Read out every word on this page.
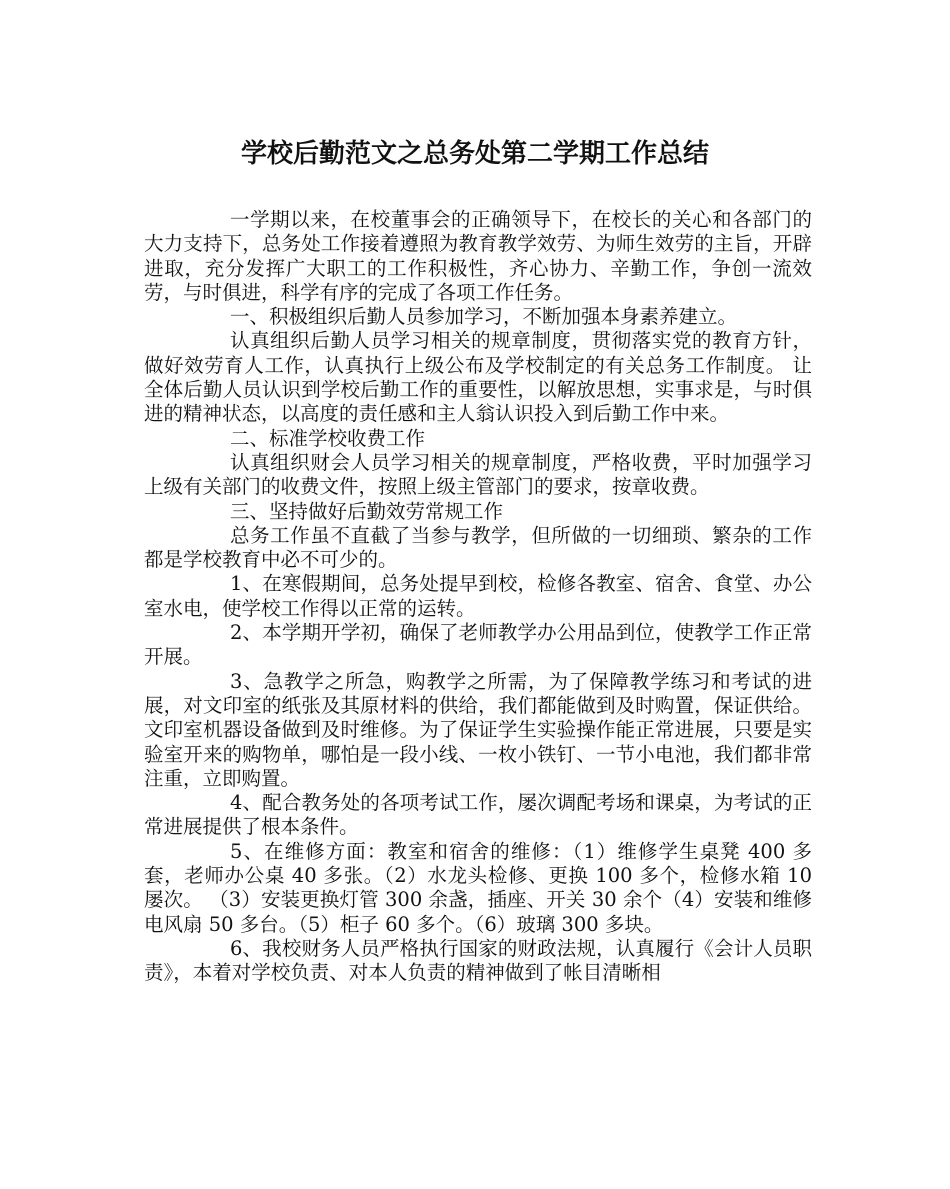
学校后勤范文之总务处第二学期工作总结

一学期以来，在校董事会的正确领导下，在校长的关心和各部门的大力支持下，总务处工作接着遵照为教育教学效劳、为师生效劳的主旨，开辟进取，充分发挥广大职工的工作积极性，齐心协力、辛勤工作，争创一流效劳，与时俱进，科学有序的完成了各项工作任务。

一、积极组织后勤人员参加学习，不断加强本身素养建立。

认真组织后勤人员学习相关的规章制度，贯彻落实党的教育方针，做好效劳育人工作，认真执行上级公布及学校制定的有关总务工作制度。 让全体后勤人员认识到学校后勤工作的重要性，以解放思想，实事求是，与时俱进的精神状态，以高度的责任感和主人翁认识投入到后勤工作中来。

二、标准学校收费工作

认真组织财会人员学习相关的规章制度，严格收费，平时加强学习上级有关部门的收费文件，按照上级主管部门的要求，按章收费。

三、坚持做好后勤效劳常规工作

总务工作虽不直截了当参与教学，但所做的一切细琐、繁杂的工作都是学校教育中必不可少的。

1、在寒假期间，总务处提早到校，检修各教室、宿舍、食堂、办公室水电，使学校工作得以正常的运转。

2、本学期开学初，确保了老师教学办公用品到位，使教学工作正常开展。

3、急教学之所急，购教学之所需，为了保障教学练习和考试的进展，对文印室的纸张及其原材料的供给，我们都能做到及时购置，保证供给。文印室机器设备做到及时维修。为了保证学生实验操作能正常进展，只要是实验室开来的购物单，哪怕是一段小线、一枚小铁钉、一节小电池，我们都非常注重，立即购置。

4、配合教务处的各项考试工作，屡次调配考场和课桌，为考试的正常进展提供了根本条件。

5、在维修方面：教室和宿舍的维修：（1）维修学生桌凳 400 多套，老师办公桌 40 多张。（2）水龙头检修、更换 100 多个，检修水箱 10 屡次。 （3）安装更换灯管 300 余盏，插座、开关 30 余个（4）安装和维修电风扇 50 多台。（5）柜子 60 多个。（6）玻璃 300 多块。

6、我校财务人员严格执行国家的财政法规，认真履行《会计人员职责》，本着对学校负责、对本人负责的精神做到了帐目清晰相
